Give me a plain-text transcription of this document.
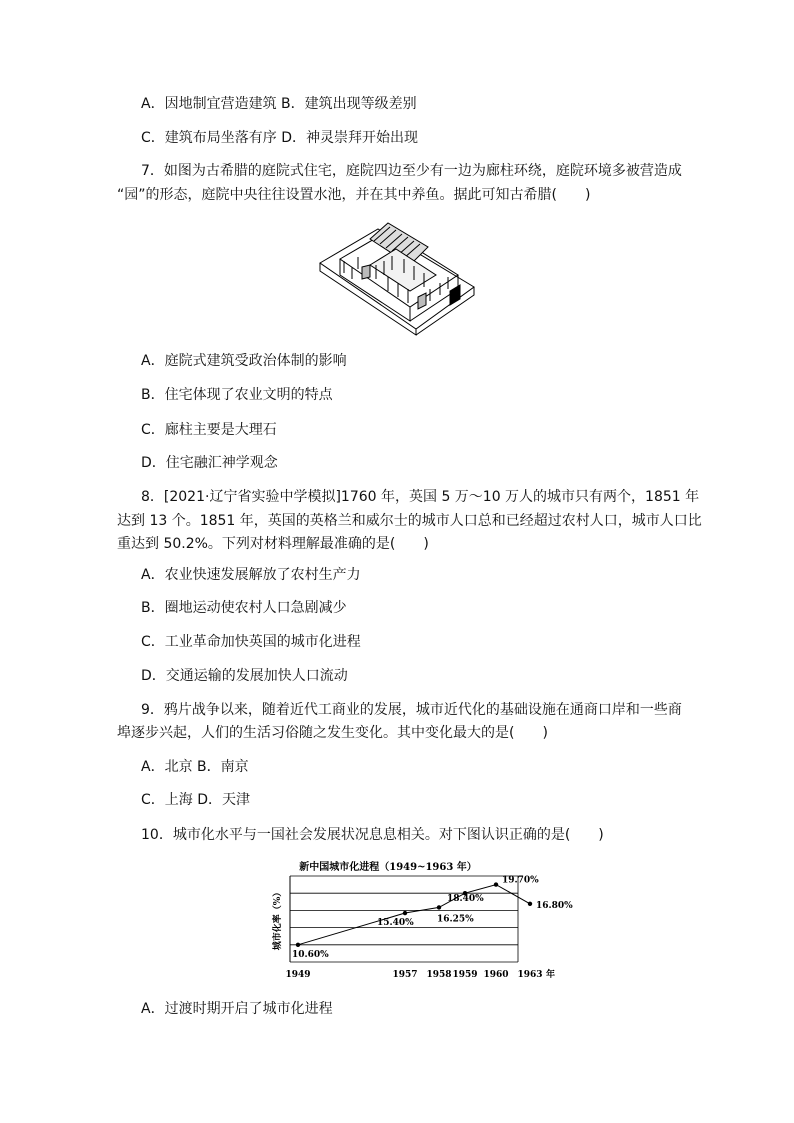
A．因地制宜营造建筑 B．建筑出现等级差别
C．建筑布局坐落有序 D．神灵崇拜开始出现
7．如图为古希腊的庭院式住宅，庭院四边至少有一边为廊柱环绕，庭院环境多被营造成
“园”的形态，庭院中央往往设置水池，并在其中养鱼。据此可知古希腊(　　)
A．庭院式建筑受政治体制的影响
B．住宅体现了农业文明的特点
C．廊柱主要是大理石
D．住宅融汇神学观念
8．[2021·辽宁省实验中学模拟]1760 年，英国 5 万～10 万人的城市只有两个，1851 年
达到 13 个。1851 年，英国的英格兰和威尔士的城市人口总和已经超过农村人口，城市人口比
重达到 50.2%。下列对材料理解最准确的是(　　)
A．农业快速发展解放了农村生产力
B．圈地运动使农村人口急剧减少
C．工业革命加快英国的城市化进程
D．交通运输的发展加快人口流动
9．鸦片战争以来，随着近代工商业的发展，城市近代化的基础设施在通商口岸和一些商
埠逐步兴起，人们的生活习俗随之发生变化。其中变化最大的是(　　)
A．北京 B．南京
C．上海 D．天津
10．城市化水平与一国社会发展状况息息相关。对下图认识正确的是(　　)
新中国城市化进程（1949~1963 年）
1949	1957 1958 1959 1960 1963 年
城市化率（%）
10.60%
15.40%	16.25%
18.40%
19.70%
16.80%
A．过渡时期开启了城市化进程
